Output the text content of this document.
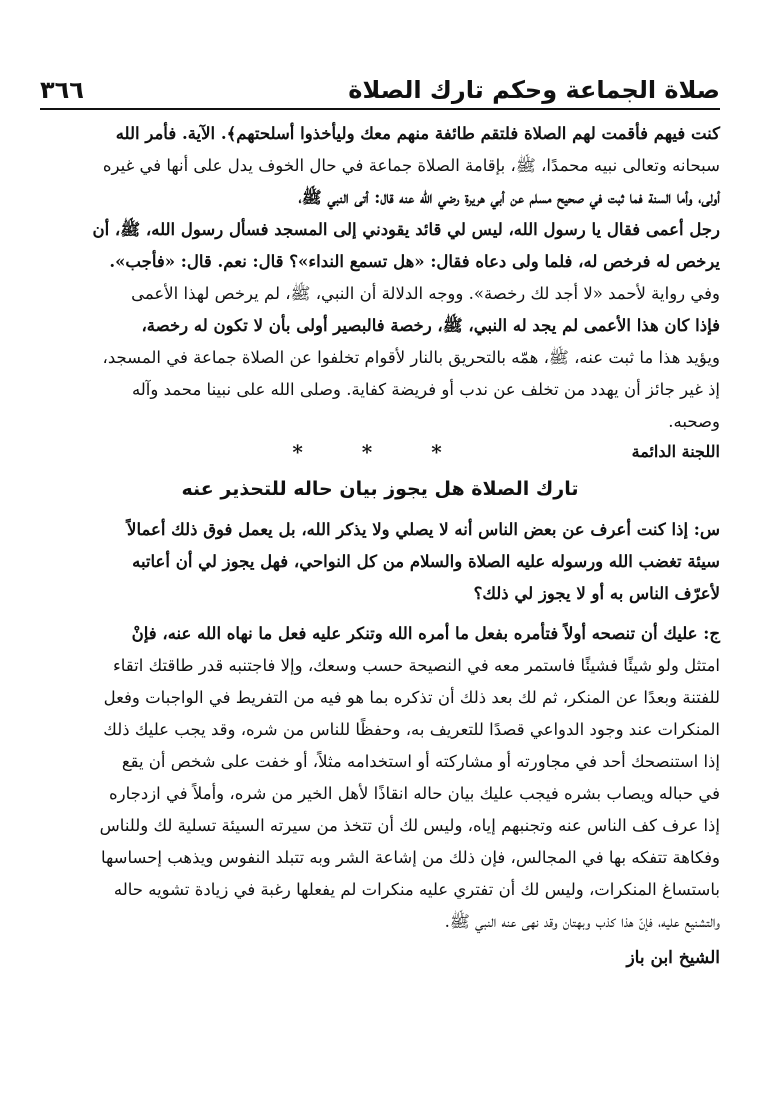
صلاة الجماعة وحكم تارك الصلاة
٣٦٦

كنت فيهم فأقمت لهم الصلاة فلتقم طائفة منهم معك وليأخذوا أسلحتهم﴾. الآية. فأمر الله

سبحانه وتعالى نبيه محمدًا، ﷺ، بإقامة الصلاة جماعة في حال الخوف يدل على أنها في غيره

أولى، وأما السنة فما ثبت في صحيح مسلم عن أبي هريرة رضي الله عنه قال: أتى النبي ﷺ،

رجل أعمى فقال يا رسول الله، ليس لي قائد يقودني إلى المسجد فسأل رسول الله، ﷺ، أن

يرخص له فرخص له، فلما ولى دعاه فقال: «هل تسمع النداء»؟ قال: نعم. قال: «فأجب».

وفي رواية لأحمد «لا أجد لك رخصة». ووجه الدلالة أن النبي، ﷺ، لم يرخص لهذا الأعمى

فإذا كان هذا الأعمى لم يجد له النبي، ﷺ، رخصة فالبصير أولى بأن لا تكون له رخصة،

ويؤيد هذا ما ثبت عنه، ﷺ، همّه بالتحريق بالنار لأقوام تخلفوا عن الصلاة جماعة في المسجد،

إذ غير جائز أن يهدد من تخلف عن ندب أو فريضة كفاية. وصلى الله على نبينا محمد وآله

وصحبه.

اللجنة الدائمة
* * *
تارك الصلاة هل يجوز بيان حاله للتحذير عنه

س: إذا كنت أعرف عن بعض الناس أنه لا يصلي ولا يذكر الله، بل يعمل فوق ذلك أعمالاً

سيئة تغضب الله ورسوله عليه الصلاة والسلام من كل النواحي، فهل يجوز لي أن أعاتبه

لأعرّف الناس به أو لا يجوز لي ذلك؟

ج: عليك أن تنصحه أولاً فتأمره بفعل ما أمره الله وتنكر عليه فعل ما نهاه الله عنه، فإنْ

امتثل ولو شيئًا فشيئًا فاستمر معه في النصيحة حسب وسعك، وإلا فاجتنبه قدر طاقتك اتقاء

للفتنة وبعدًا عن المنكر، ثم لك بعد ذلك أن تذكره بما هو فيه من التفريط في الواجبات وفعل

المنكرات عند وجود الدواعي قصدًا للتعريف به، وحفظًا للناس من شره، وقد يجب عليك ذلك

إذا استنصحك أحد في مجاورته أو مشاركته أو استخدامه مثلاً، أو خفت على شخص أن يقع

في حباله ويصاب بشره فيجب عليك بيان حاله انقاذًا لأهل الخير من شره، وأملاً في ازدجاره

إذا عرف كف الناس عنه وتجنبهم إياه، وليس لك أن تتخذ من سيرته السيئة تسلية لك وللناس

وفكاهة تتفكه بها في المجالس، فإن ذلك من إشاعة الشر وبه تتبلد النفوس ويذهب إحساسها

باستساغ المنكرات، وليس لك أن تفتري عليه منكرات لم يفعلها رغبة في زيادة تشويه حاله

والتشنيع عليه، فإنّ هذا كذب وبهتان وقد نهى عنه النبي ﷺ.

الشيخ ابن باز
